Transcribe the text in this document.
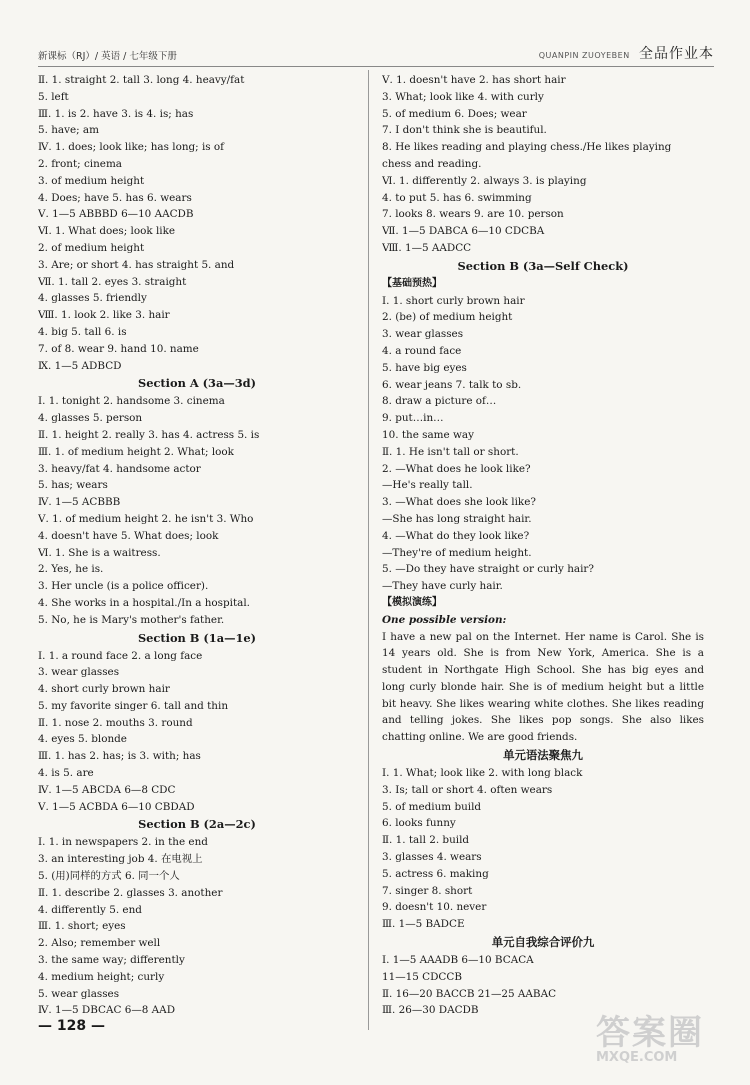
新课标（RJ）/ 英语 / 七年级下册	QUANPIN ZUOYEBEN 全品作业本
Ⅱ. 1. straight 2. tall 3. long 4. heavy/fat
5. left
Ⅲ. 1. is 2. have 3. is 4. is; has
5. have; am
Ⅳ. 1. does; look like; has long; is of
2. front; cinema
3. of medium height
4. Does; have 5. has 6. wears
Ⅴ. 1—5 ABBBD 6—10 AACDB
Ⅵ. 1. What does; look like
2. of medium height
3. Are; or short 4. has straight 5. and
Ⅶ. 1. tall 2. eyes 3. straight
4. glasses 5. friendly
Ⅷ. 1. look 2. like 3. hair
4. big 5. tall 6. is
7. of 8. wear 9. hand 10. name
Ⅸ. 1—5 ADBCD
Section A (3a—3d)
Ⅰ. 1. tonight 2. handsome 3. cinema
4. glasses 5. person
Ⅱ. 1. height 2. really 3. has 4. actress 5. is
Ⅲ. 1. of medium height 2. What; look
3. heavy/fat 4. handsome actor
5. has; wears
Ⅳ. 1—5 ACBBB
Ⅴ. 1. of medium height 2. he isn't 3. Who
4. doesn't have 5. What does; look
Ⅵ. 1. She is a waitress.
2. Yes, he is.
3. Her uncle (is a police officer).
4. She works in a hospital./In a hospital.
5. No, he is Mary's mother's father.
Section B (1a—1e)
Ⅰ. 1. a round face 2. a long face
3. wear glasses
4. short curly brown hair
5. my favorite singer 6. tall and thin
Ⅱ. 1. nose 2. mouths 3. round
4. eyes 5. blonde
Ⅲ. 1. has 2. has; is 3. with; has
4. is 5. are
Ⅳ. 1—5 ABCDA 6—8 CDC
Ⅴ. 1—5 ACBDA 6—10 CBDAD
Section B (2a—2c)
Ⅰ. 1. in newspapers 2. in the end
3. an interesting job 4. 在电视上
5. (用)同样的方式 6. 同一个人
Ⅱ. 1. describe 2. glasses 3. another
4. differently 5. end
Ⅲ. 1. short; eyes
2. Also; remember well
3. the same way; differently
4. medium height; curly
5. wear glasses
Ⅳ. 1—5 DBCAC 6—8 AAD
Ⅴ. 1. doesn't have 2. has short hair
3. What; look like 4. with curly
5. of medium 6. Does; wear
7. I don't think she is beautiful.
8. He likes reading and playing chess./He likes playing
chess and reading.
Ⅵ. 1. differently 2. always 3. is playing
4. to put 5. has 6. swimming
7. looks 8. wears 9. are 10. person
Ⅶ. 1—5 DABCA 6—10 CDCBA
Ⅷ. 1—5 AADCC
Section B (3a—Self Check)
【基础预热】
Ⅰ. 1. short curly brown hair
2. (be) of medium height
3. wear glasses
4. a round face
5. have big eyes
6. wear jeans 7. talk to sb.
8. draw a picture of…
9. put…in…
10. the same way
Ⅱ. 1. He isn't tall or short.
2. —What does he look like?
—He's really tall.
3. —What does she look like?
—She has long straight hair.
4. —What do they look like?
—They're of medium height.
5. —Do they have straight or curly hair?
—They have curly hair.
【模拟演练】
One possible version:
I have a new pal on the Internet. Her name is Carol. She is 14 years old. She is from New York, America. She is a student in Northgate High School. She has big eyes and long curly blonde hair. She is of medium height but a little bit heavy. She likes wearing white clothes. She likes reading and telling jokes. She likes pop songs. She also likes chatting online. We are good friends.
单元语法聚焦九
Ⅰ. 1. What; look like 2. with long black
3. Is; tall or short 4. often wears
5. of medium build
6. looks funny
Ⅱ. 1. tall 2. build
3. glasses 4. wears
5. actress 6. making
7. singer 8. short
9. doesn't 10. never
Ⅲ. 1—5 BADCE
单元自我综合评价九
Ⅰ. 1—5 AAADB 6—10 BCACA
11—15 CDCCB
Ⅱ. 16—20 BACCB 21—25 AABAC
Ⅲ. 26—30 DACDB
— 128 —	答案圈
MXQE.COM
